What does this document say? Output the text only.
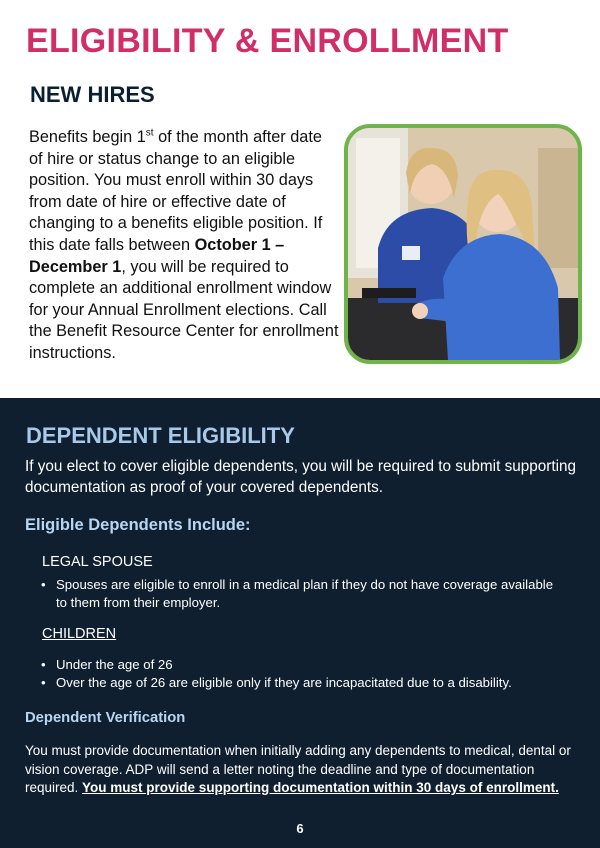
ELIGIBILITY & ENROLLMENT
NEW HIRES

Benefits begin 1st of the month after date of hire or status change to an eligible position. You must enroll within 30 days from date of hire or effective date of changing to a benefits eligible position. If this date falls between October 1 – December 1, you will be required to complete an additional enrollment window for your Annual Enrollment elections. Call the Benefit Resource Center for enrollment instructions.

DEPENDENT ELIGIBILITY

If you elect to cover eligible dependents, you will be required to submit supporting documentation as proof of your covered dependents.

Eligible Dependents Include:
LEGAL SPOUSE
• Spouses are eligible to enroll in a medical plan if they do not have coverage available to them from their employer.
CHILDREN
• Under the age of 26
• Over the age of 26 are eligible only if they are incapacitated due to a disability.
Dependent Verification

You must provide documentation when initially adding any dependents to medical, dental or vision coverage. ADP will send a letter noting the deadline and type of documentation required. You must provide supporting documentation within 30 days of enrollment.

6
